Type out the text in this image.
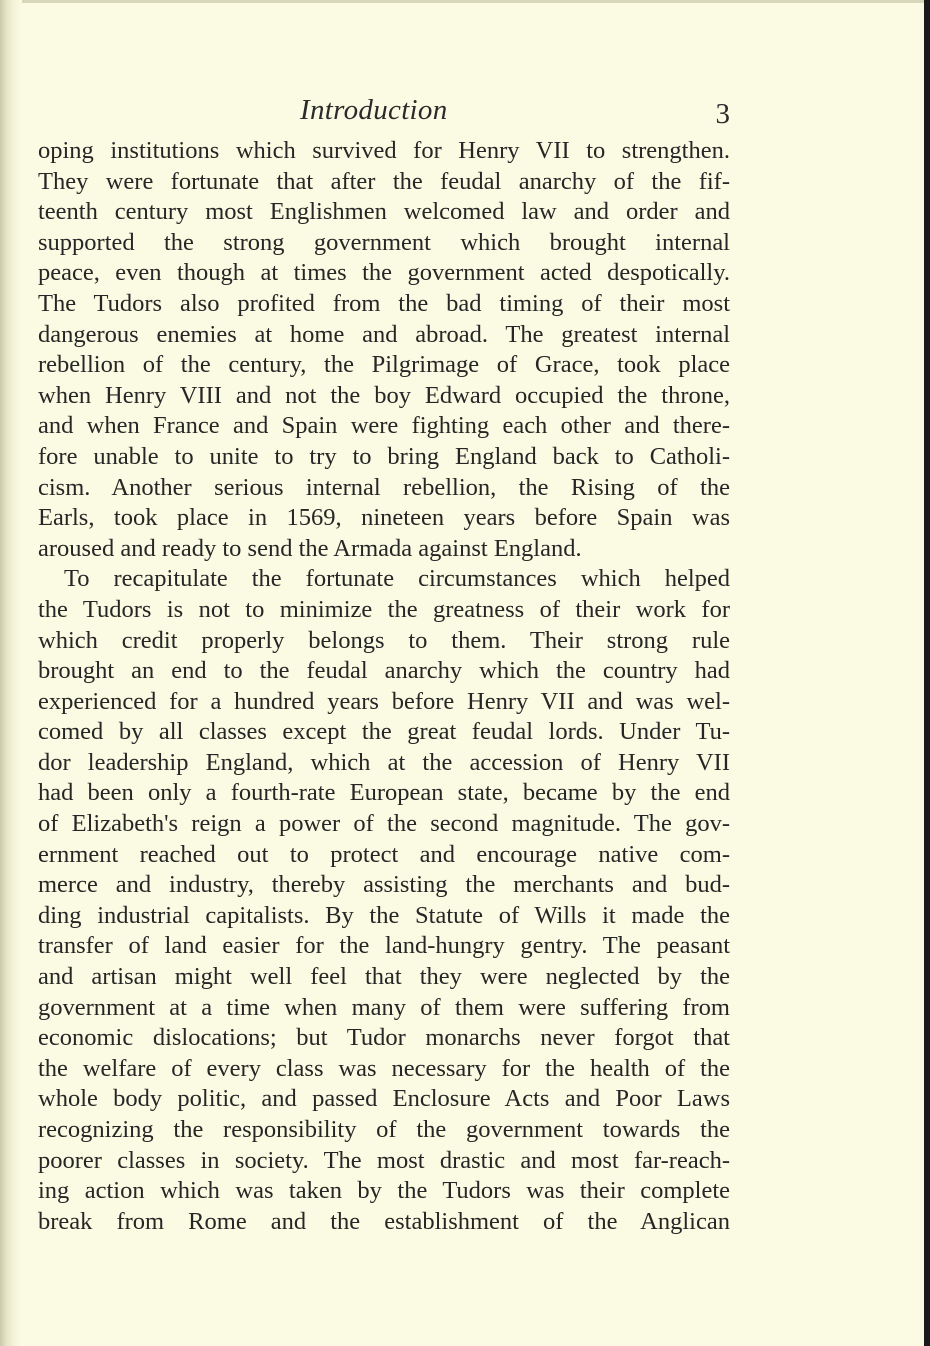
Introduction	3
oping institutions which survived for Henry VII to strengthen.
They were fortunate that after the feudal anarchy of the fif-
teenth century most Englishmen welcomed law and order and
supported the strong government which brought internal
peace, even though at times the government acted despotically.
The Tudors also profited from the bad timing of their most
dangerous enemies at home and abroad. The greatest internal
rebellion of the century, the Pilgrimage of Grace, took place
when Henry VIII and not the boy Edward occupied the throne,
and when France and Spain were fighting each other and there-
fore unable to unite to try to bring England back to Catholi-
cism. Another serious internal rebellion, the Rising of the
Earls, took place in 1569, nineteen years before Spain was
aroused and ready to send the Armada against England.
To recapitulate the fortunate circumstances which helped
the Tudors is not to minimize the greatness of their work for
which credit properly belongs to them. Their strong rule
brought an end to the feudal anarchy which the country had
experienced for a hundred years before Henry VII and was wel-
comed by all classes except the great feudal lords. Under Tu-
dor leadership England, which at the accession of Henry VII
had been only a fourth-rate European state, became by the end
of Elizabeth's reign a power of the second magnitude. The gov-
ernment reached out to protect and encourage native com-
merce and industry, thereby assisting the merchants and bud-
ding industrial capitalists. By the Statute of Wills it made the
transfer of land easier for the land-hungry gentry. The peasant
and artisan might well feel that they were neglected by the
government at a time when many of them were suffering from
economic dislocations; but Tudor monarchs never forgot that
the welfare of every class was necessary for the health of the
whole body politic, and passed Enclosure Acts and Poor Laws
recognizing the responsibility of the government towards the
poorer classes in society. The most drastic and most far-reach-
ing action which was taken by the Tudors was their complete
break from Rome and the establishment of the Anglican
